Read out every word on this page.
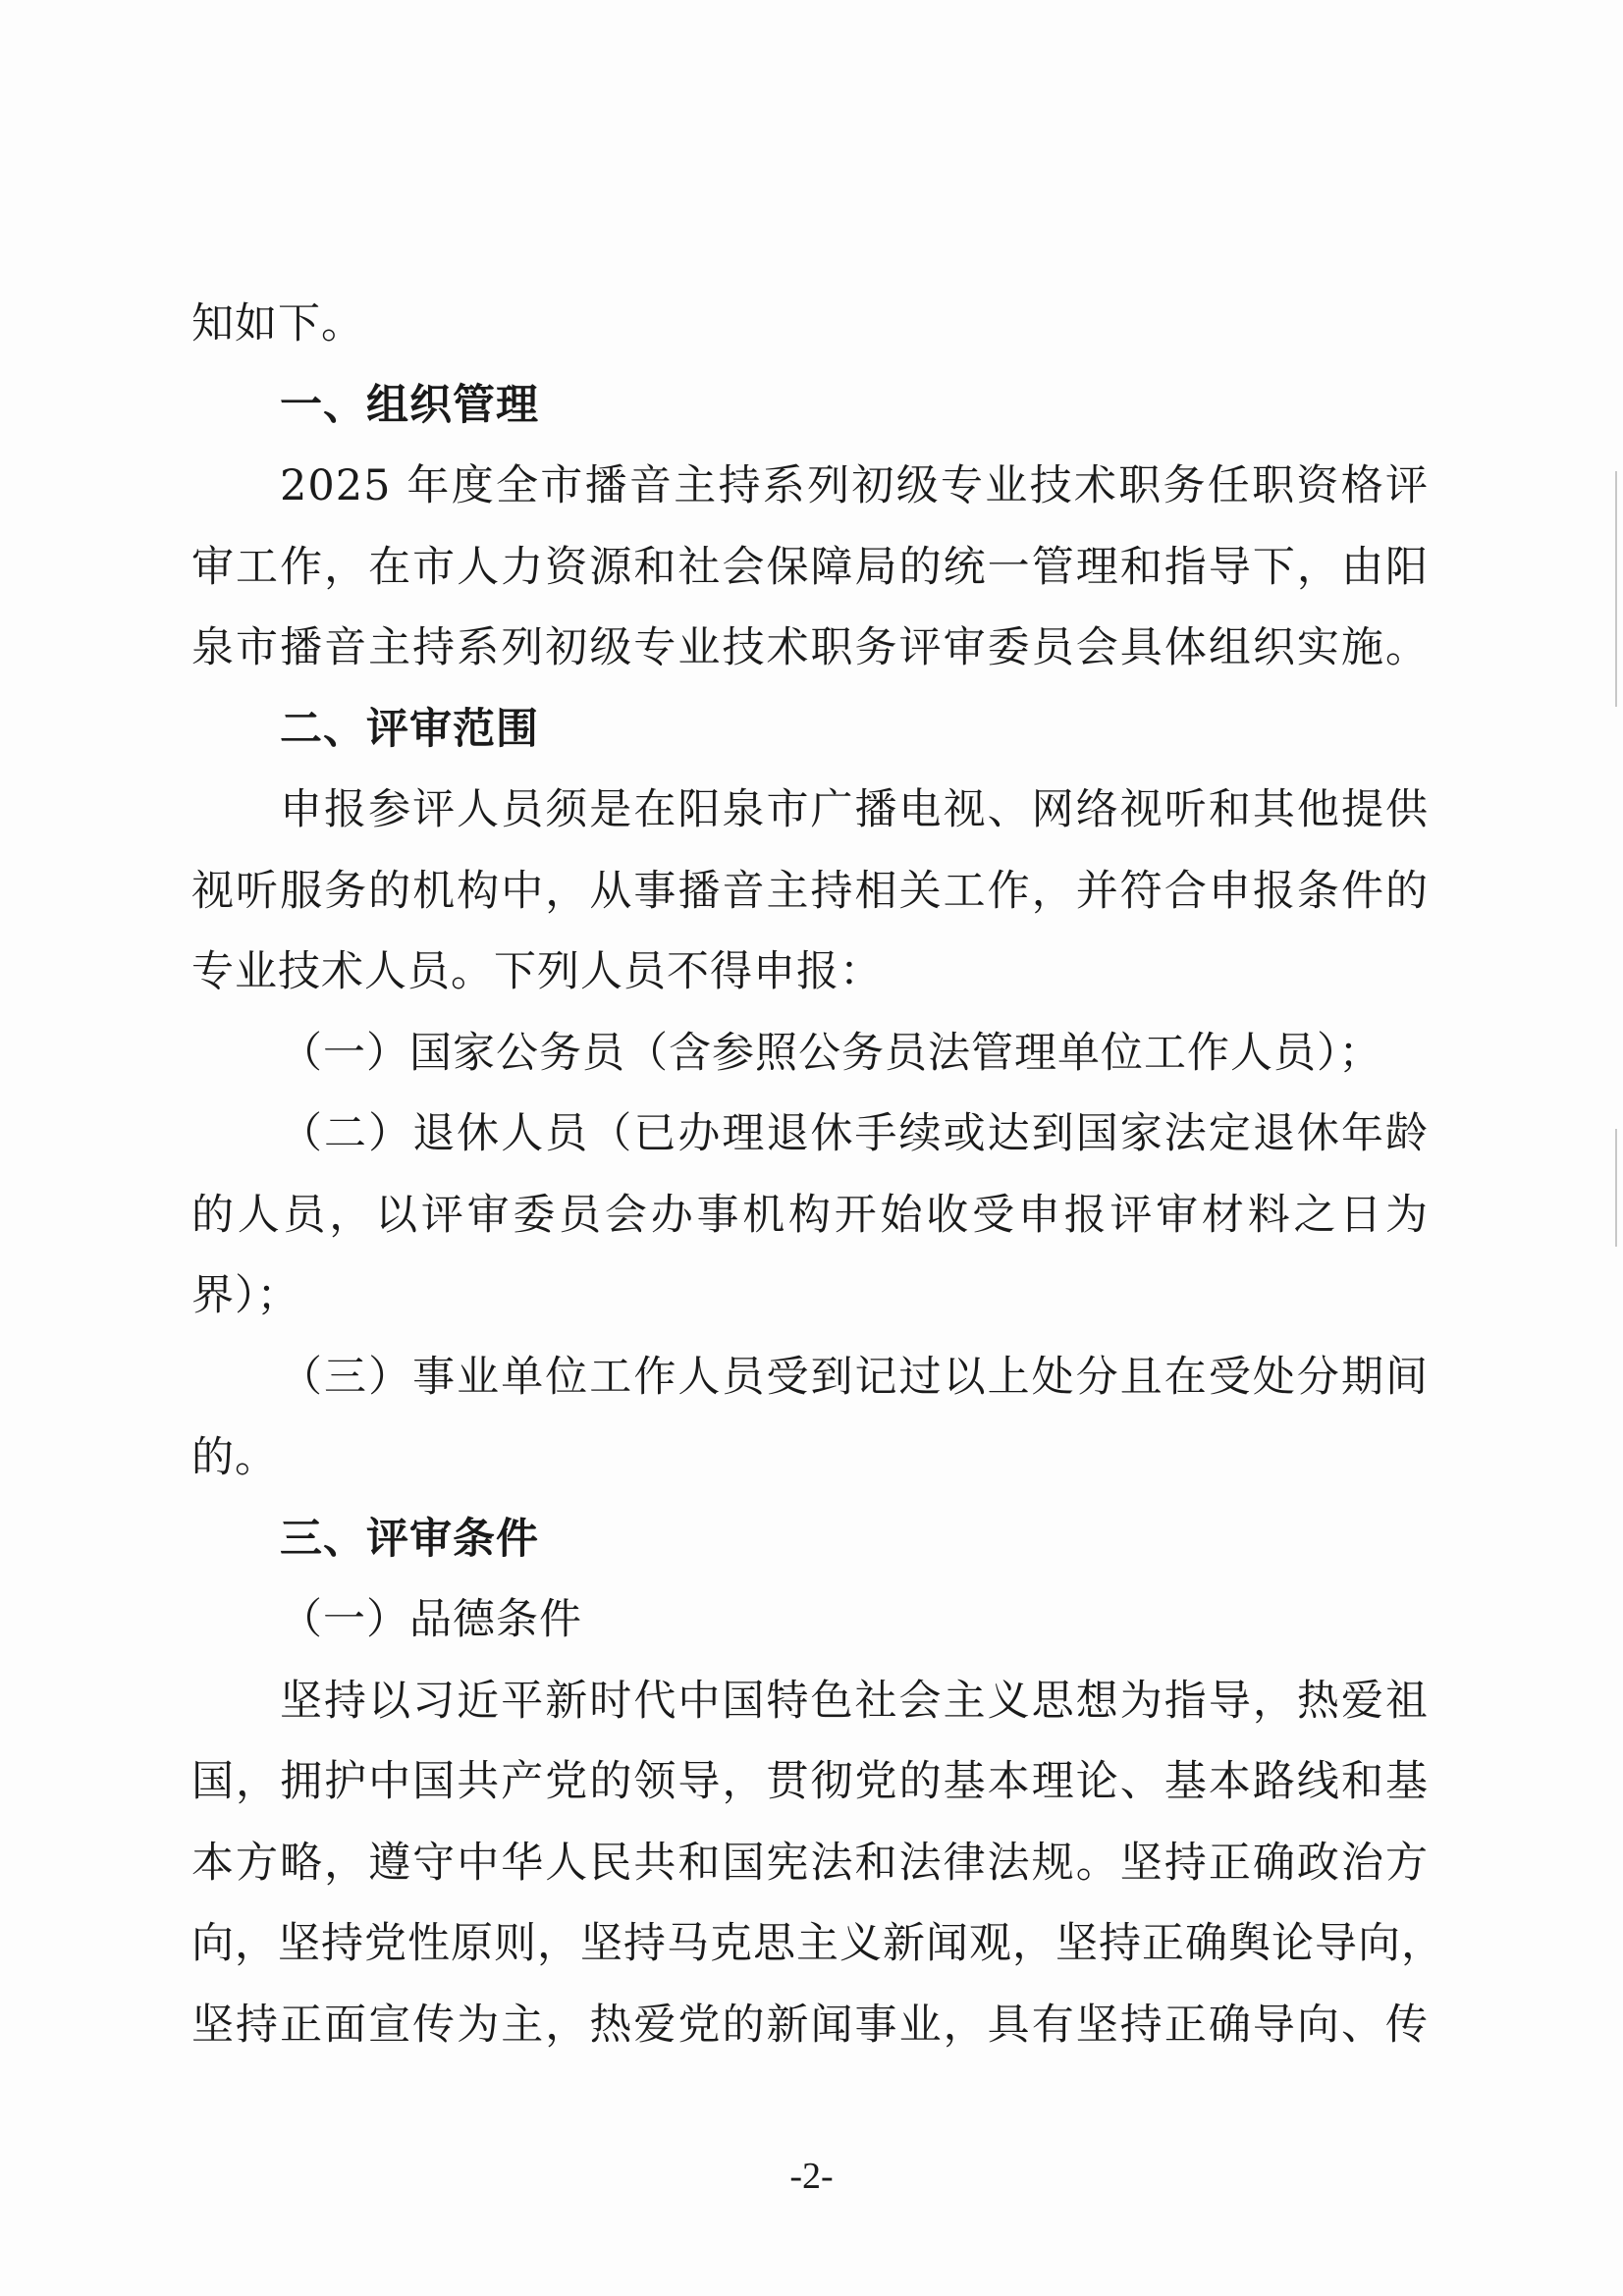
知如下。
一、组织管理
2025 年度全市播音主持系列初级专业技术职务任职资格评
审工作，在市人力资源和社会保障局的统一管理和指导下，由阳
泉市播音主持系列初级专业技术职务评审委员会具体组织实施。
二、评审范围
申报参评人员须是在阳泉市广播电视、网络视听和其他提供
视听服务的机构中，从事播音主持相关工作，并符合申报条件的
专业技术人员。下列人员不得申报：
（一）国家公务员（含参照公务员法管理单位工作人员）；
（二）退休人员（已办理退休手续或达到国家法定退休年龄
的人员，以评审委员会办事机构开始收受申报评审材料之日为
界）；
（三）事业单位工作人员受到记过以上处分且在受处分期间
的。
三、评审条件
（一）品德条件
坚持以习近平新时代中国特色社会主义思想为指导，热爱祖
国，拥护中国共产党的领导，贯彻党的基本理论、基本路线和基
本方略，遵守中华人民共和国宪法和法律法规。坚持正确政治方
向，坚持党性原则，坚持马克思主义新闻观，坚持正确舆论导向，
坚持正面宣传为主，热爱党的新闻事业，具有坚持正确导向、传
-2-
